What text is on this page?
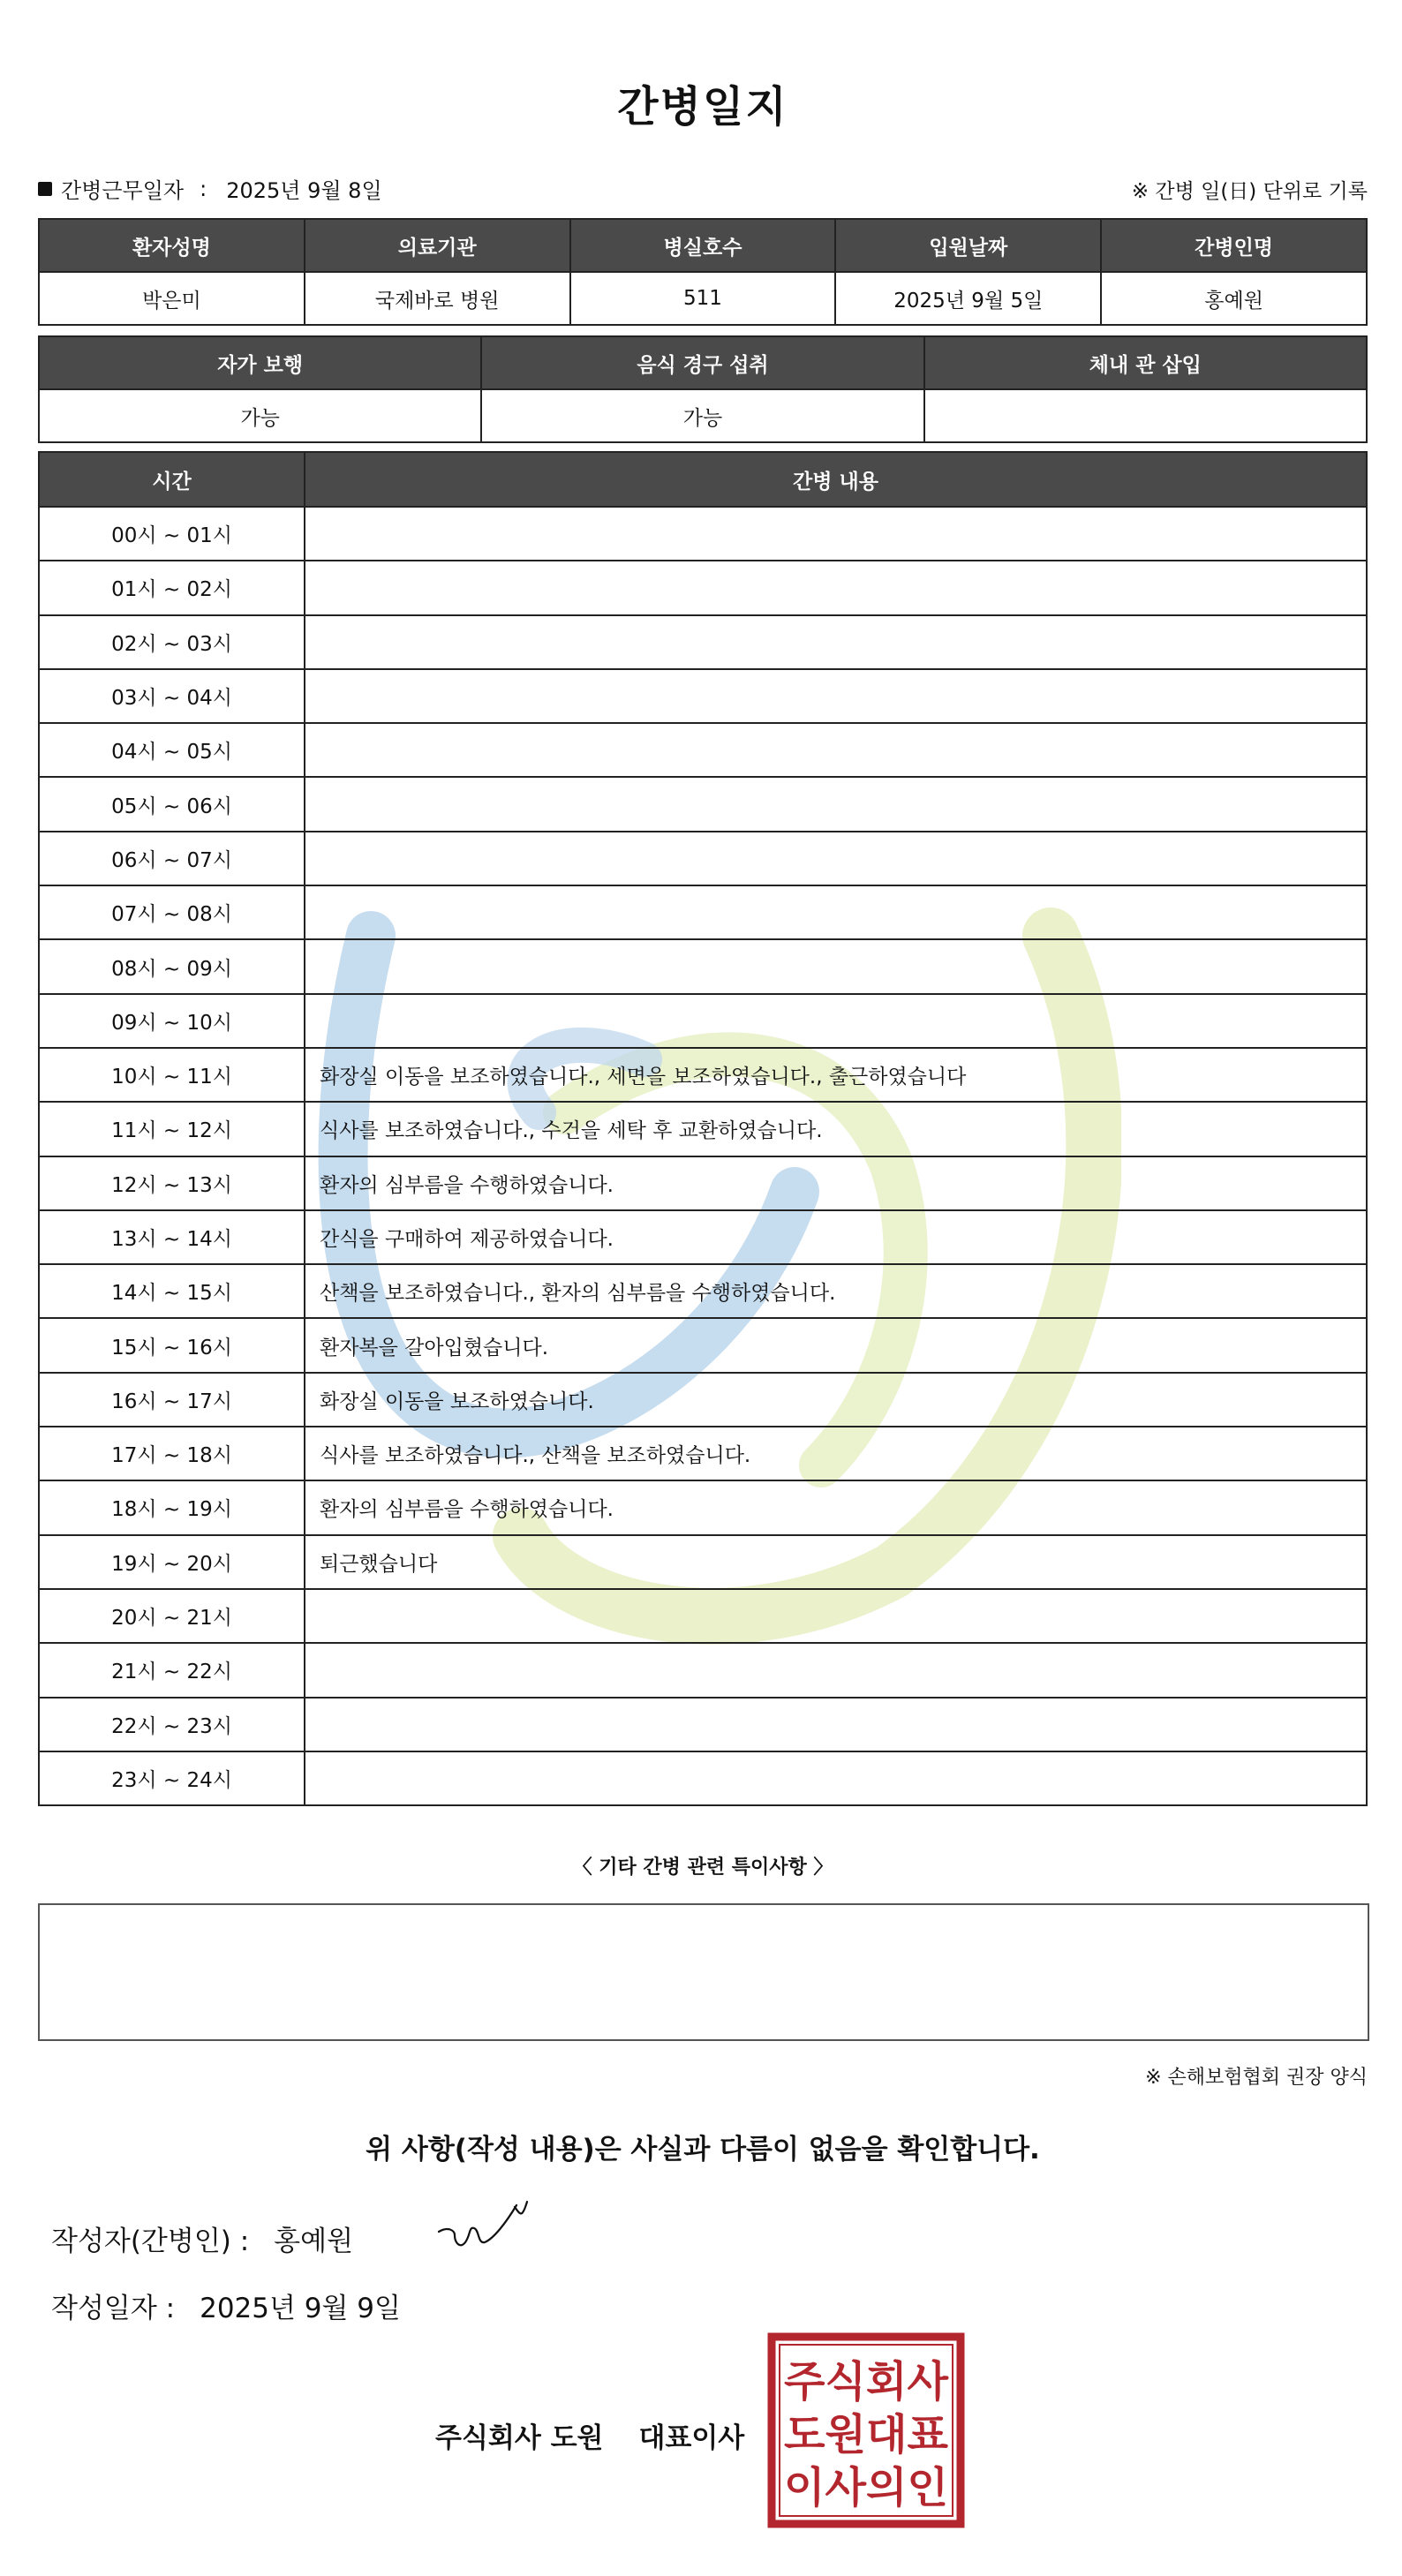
간병일지
간병근무일자 : 2025년 9월 8일	※ 간병 일(日) 단위로 기록
환자성명	의료기관	병실호수	입원날짜	간병인명
박은미	국제바로 병원	511	2025년 9월 5일	홍예원
자가 보행	음식 경구 섭취	체내 관 삽입
가능	가능	
시간	간병 내용
00시 ~ 01시	
01시 ~ 02시	
02시 ~ 03시	
03시 ~ 04시	
04시 ~ 05시	
05시 ~ 06시	
06시 ~ 07시	
07시 ~ 08시	
08시 ~ 09시	
09시 ~ 10시	
10시 ~ 11시	화장실 이동을 보조하였습니다., 세면을 보조하였습니다., 출근하였습니다
11시 ~ 12시	식사를 보조하였습니다., 수건을 세탁 후 교환하였습니다.
12시 ~ 13시	환자의 심부름을 수행하였습니다.
13시 ~ 14시	간식을 구매하여 제공하였습니다.
14시 ~ 15시	산책을 보조하였습니다., 환자의 심부름을 수행하였습니다.
15시 ~ 16시	환자복을 갈아입혔습니다.
16시 ~ 17시	화장실 이동을 보조하였습니다.
17시 ~ 18시	식사를 보조하였습니다., 산책을 보조하였습니다.
18시 ~ 19시	환자의 심부름을 수행하였습니다.
19시 ~ 20시	퇴근했습니다
20시 ~ 21시	
21시 ~ 22시	
22시 ~ 23시	
23시 ~ 24시	
〈 기타 간병 관련 특이사항 〉
※ 손해보험협회 권장 양식
위 사항(작성 내용)은 사실과 다름이 없음을 확인합니다.
작성자(간병인) : 홍예원
작성일자 : 2025년 9월 9일
주식회사 도원 대표이사
주식회사
도원대표
이사의인
